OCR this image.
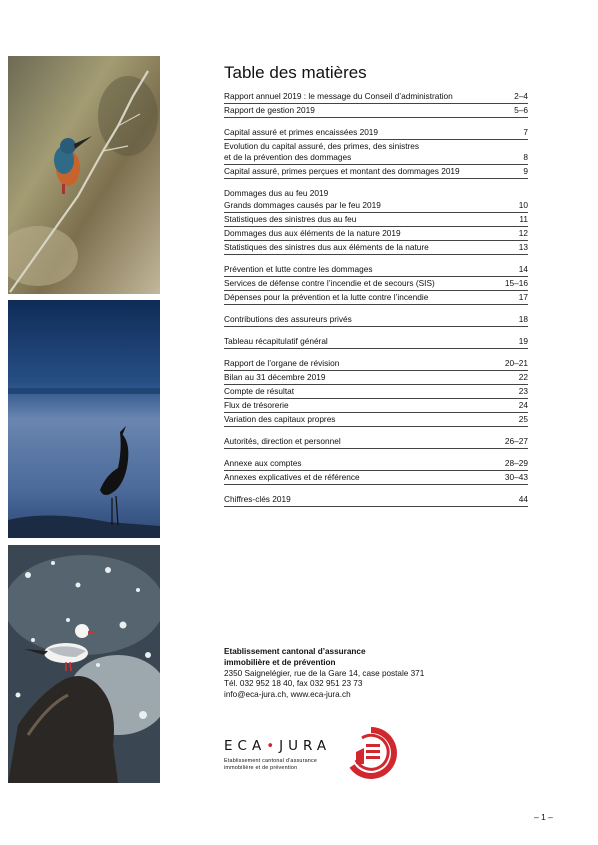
Table des matières
Rapport annuel 2019 : le message du Conseil d’administration	2–4
Rapport de gestion 2019	5–6
Capital assuré et primes encaissées 2019	7
Evolution du capital assuré, des primes, des sinistres
et de la prévention des dommages	8
Capital assuré, primes perçues et montant des dommages 2019	9
Dommages dus au feu 2019
Grands dommages causés par le feu 2019	10
Statistiques des sinistres dus au feu	11
Dommages dus aux éléments de la nature 2019	12
Statistiques des sinistres dus aux éléments de la nature	13
Prévention et lutte contre les dommages	14
Services de défense contre l’incendie et de secours (SIS)	15–16
Dépenses pour la prévention et la lutte contre l’incendie	17
Contributions des assureurs privés	18
Tableau récapitulatif général	19
Rapport de l’organe de révision	20–21
Bilan au 31 décembre 2019	22
Compte de résultat	23
Flux de trésorerie	24
Variation des capitaux propres	25
Autorités, direction et personnel	26–27
Annexe aux comptes	28–29
Annexes explicatives et de référence	30–43
Chiffres-clés 2019	44
Etablissement cantonal d’assurance
immobilière et de prévention
2350 Saignelégier, rue de la Gare 14, case postale 371
Tél. 032 952 18 40, fax 032 951 23 73
info@eca-jura.ch, www.eca-jura.ch
ECA•JURA
Etablissement cantonal d’assurance
immobilière et de prévention
– 1 –
